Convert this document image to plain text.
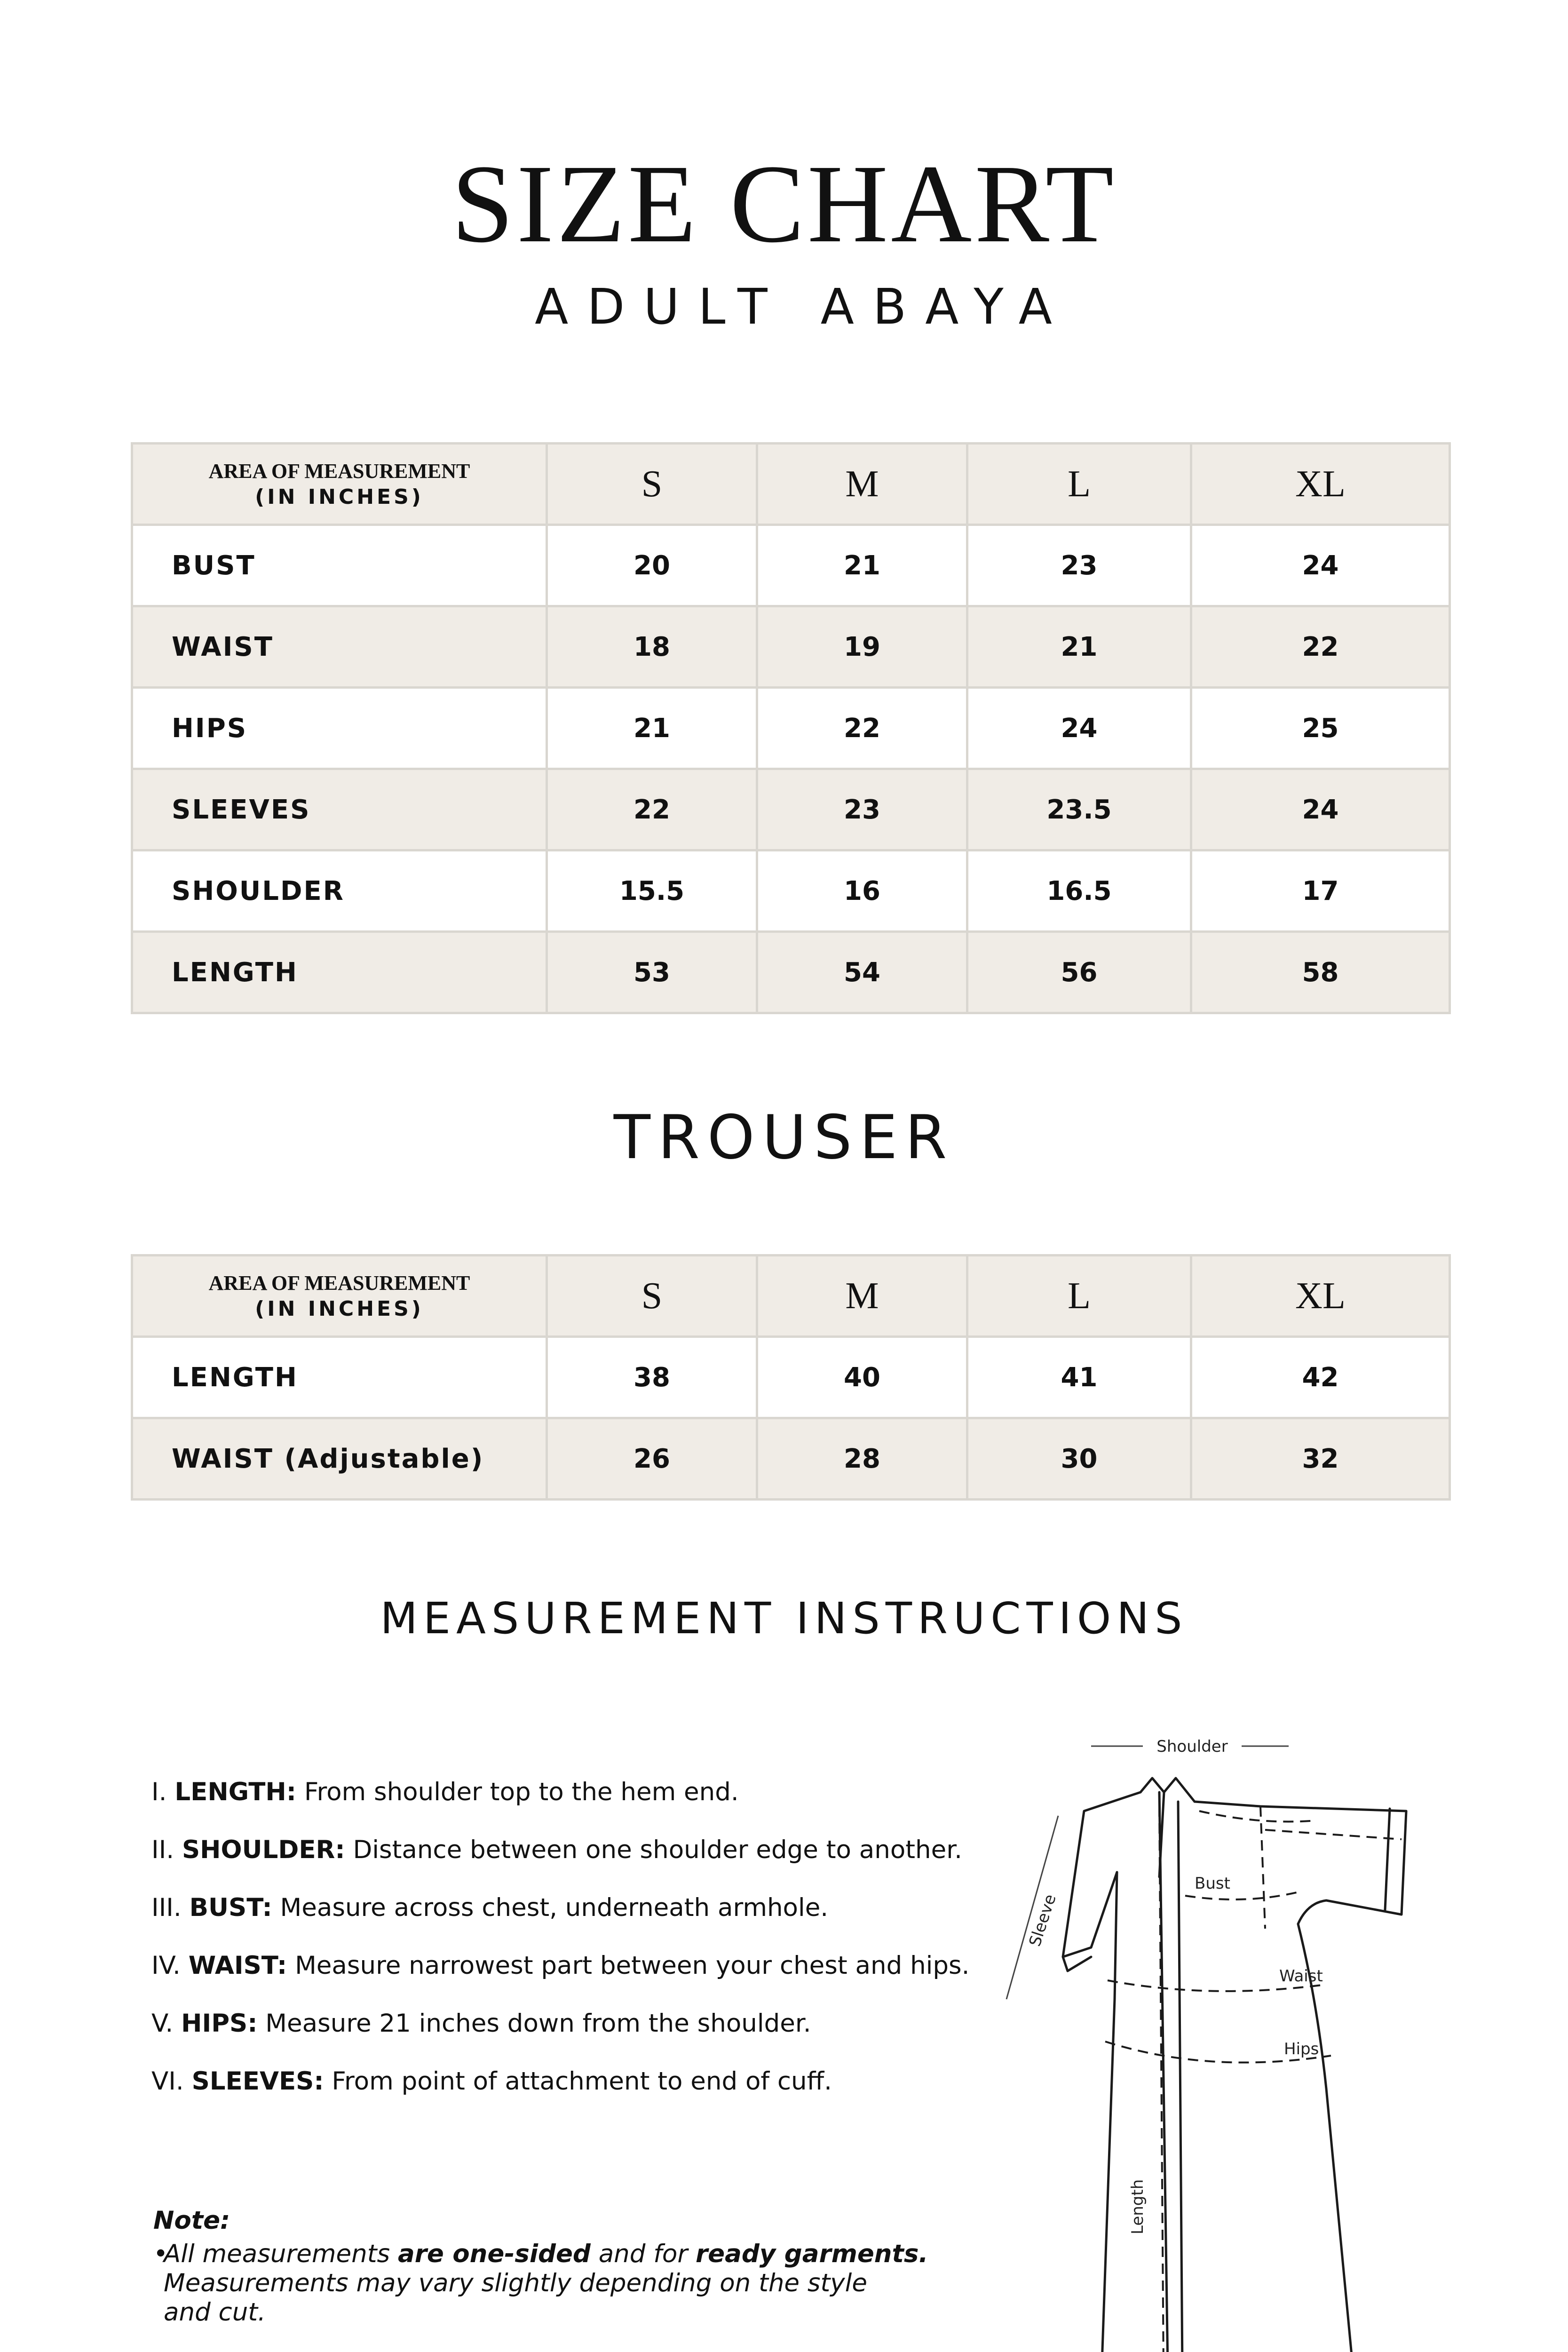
SIZE CHART
ADULT ABAYA
AREA OF MEASUREMENT
(IN INCHES)	S	M	L	XL
BUST	20	21	23	24
WAIST	18	19	21	22
HIPS	21	22	24	25
SLEEVES	22	23	23.5	24
SHOULDER	15.5	16	16.5	17
LENGTH	53	54	56	58
TROUSER
AREA OF MEASUREMENT
(IN INCHES)	S	M	L	XL
LENGTH	38	40	41	42
WAIST (Adjustable)	26	28	30	32
MEASUREMENT INSTRUCTIONS
I. LENGTH: From shoulder top to the hem end.
II. SHOULDER: Distance between one shoulder edge to another.
III. BUST: Measure across chest, underneath armhole.
IV. WAIST: Measure narrowest part between your chest and hips.
V. HIPS: Measure 21 inches down from the shoulder.
VI. SLEEVES: From point of attachment to end of cuff.
Note:
•
All measurements are one-sided and for ready garments.
Measurements may vary slightly depending on the style
and cut.
Shoulder
Bust
Waist
Hips
Sleeve
Length
